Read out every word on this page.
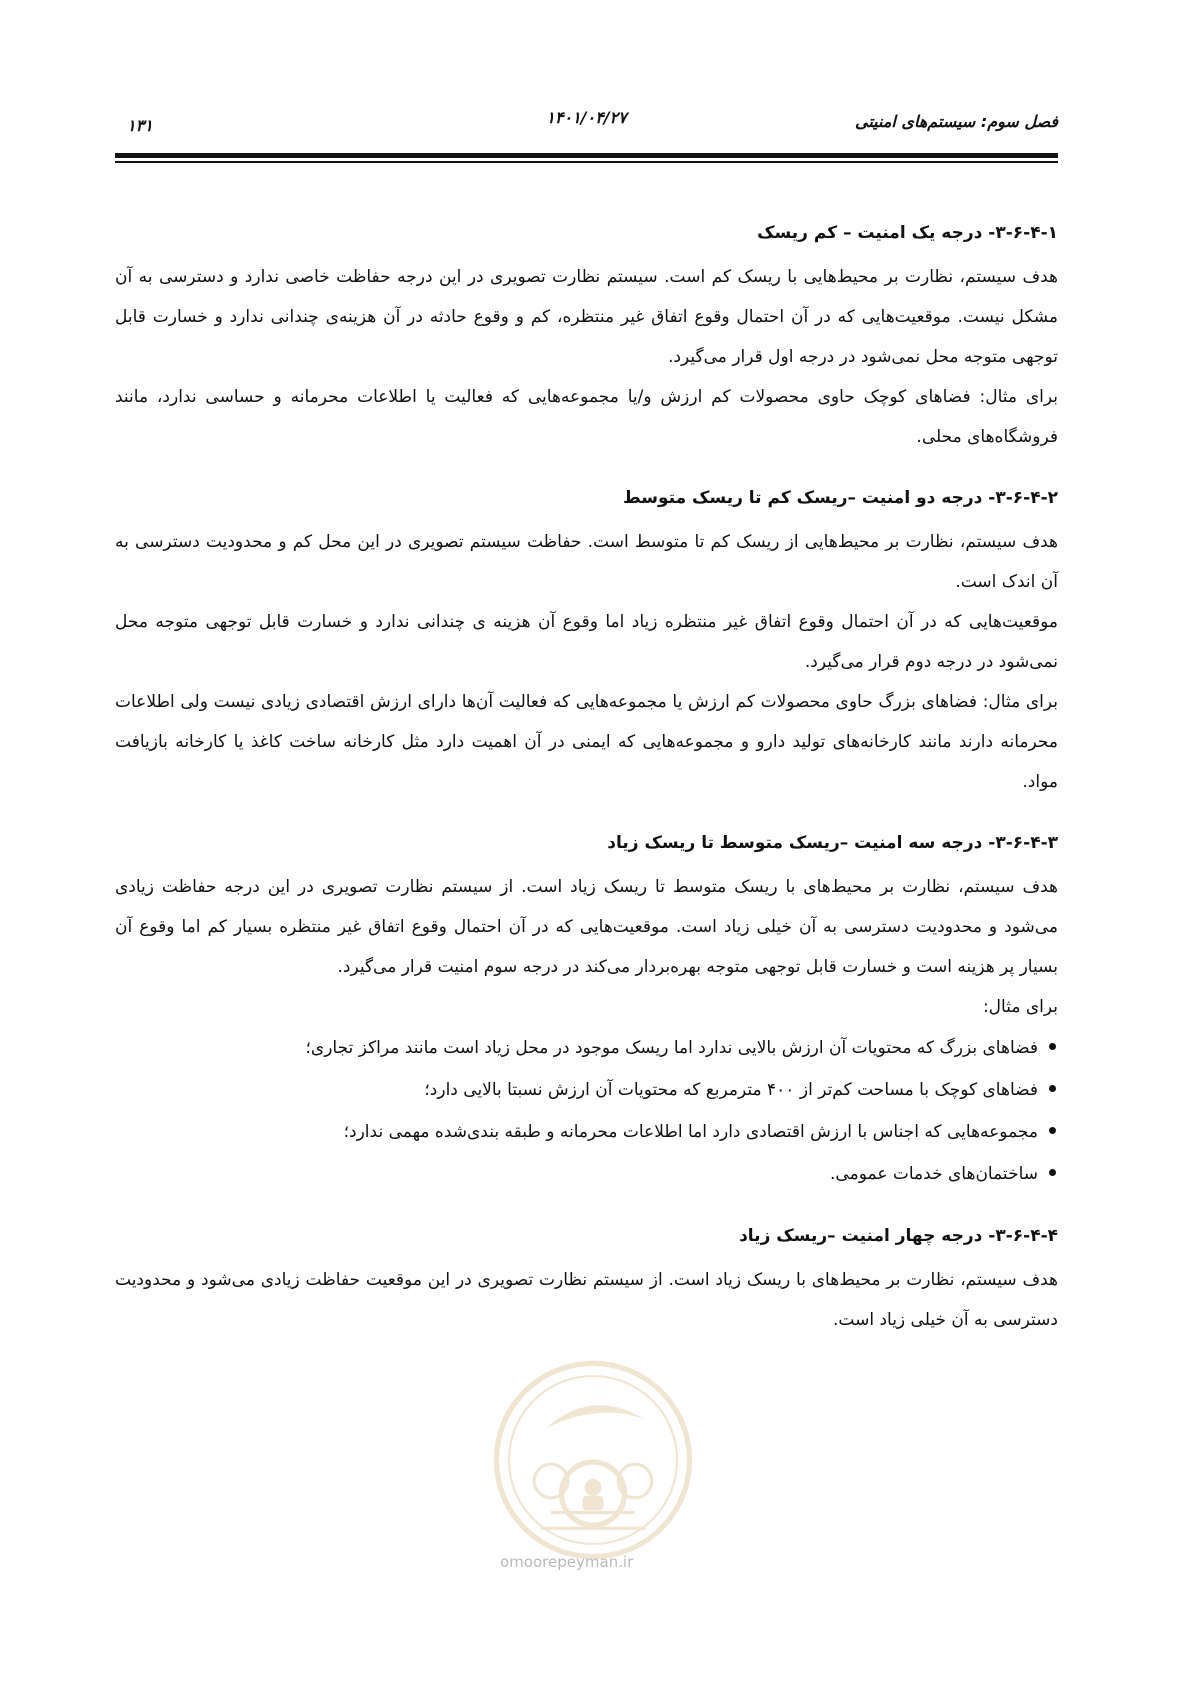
فصل سوم: سیستم‌های امنیتی
۱۴۰۱/۰۴/۲۷
۱۳۱
۳-۶-۴-۱- درجه یک امنیت – کم ریسک

هدف سیستم، نظارت بر محیط‌هایی با ریسک کم است. سیستم نظارت تصویری در این درجه حفاظت خاصی ندارد و دسترسی به آن مشکل نیست. موقعیت‌هایی که در آن احتمال وقوع اتفاق غیر منتظره، کم و وقوع حادثه در آن هزینه‌ی چندانی ندارد و خسارت قابل توجهی متوجه محل نمی‌شود در درجه اول قرار می‌گیرد.

برای مثال: فضاهای کوچک حاوی محصولات کم ارزش و/یا مجموعه‌هایی که فعالیت یا اطلاعات محرمانه و حساسی ندارد، مانند فروشگاه‌های محلی.

۳-۶-۴-۲- درجه دو امنیت –ریسک کم تا ریسک متوسط

هدف سیستم، نظارت بر محیط‌هایی از ریسک کم تا متوسط است. حفاظت سیستم تصویری در این محل کم و محدودیت دسترسی به آن اندک است.

موقعیت‌هایی که در آن احتمال وقوع اتفاق غیر منتظره زیاد اما وقوع آن هزینه ی چندانی ندارد و خسارت قابل توجهی متوجه محل نمی‌شود در درجه دوم قرار می‌گیرد.

برای مثال: فضاهای بزرگ حاوی محصولات کم ارزش یا مجموعه‌هایی که فعالیت آن‌ها دارای ارزش اقتصادی زیادی نیست ولی اطلاعات محرمانه دارند مانند کارخانه‌های تولید دارو و مجموعه‌هایی که ایمنی در آن اهمیت دارد مثل کارخانه ساخت کاغذ یا کارخانه بازیافت مواد.

۳-۶-۴-۳- درجه سه امنیت –ریسک متوسط تا ریسک زیاد

هدف سیستم، نظارت بر محیط‌های با ریسک متوسط تا ریسک زیاد است. از سیستم نظارت تصویری در این درجه حفاظت زیادی می‌شود و محدودیت دسترسی به آن خیلی زیاد است. موقعیت‌هایی که در آن احتمال وقوع اتفاق غیر منتظره بسیار کم اما وقوع آن بسیار پر هزینه است و خسارت قابل توجهی متوجه بهره‌بردار می‌کند در درجه سوم امنیت قرار می‌گیرد.

برای مثال:

فضاهای بزرگ که محتویات آن ارزش بالایی ندارد اما ریسک موجود در محل زیاد است مانند مراکز تجاری؛
فضاهای کوچک با مساحت کم‌تر از ۴۰۰ مترمربع که محتویات آن ارزش نسبتا بالایی دارد؛
مجموعه‌هایی که اجناس با ارزش اقتصادی دارد اما اطلاعات محرمانه و طبقه بندی‌شده مهمی ندارد؛
ساختمان‌های خدمات عمومی.
۳-۶-۴-۴- درجه چهار امنیت –ریسک زیاد

هدف سیستم، نظارت بر محیط‌های با ریسک زیاد است. از سیستم نظارت تصویری در این موقعیت حفاظت زیادی می‌شود و محدودیت دسترسی به آن خیلی زیاد است.

omoorepeyman.ir
